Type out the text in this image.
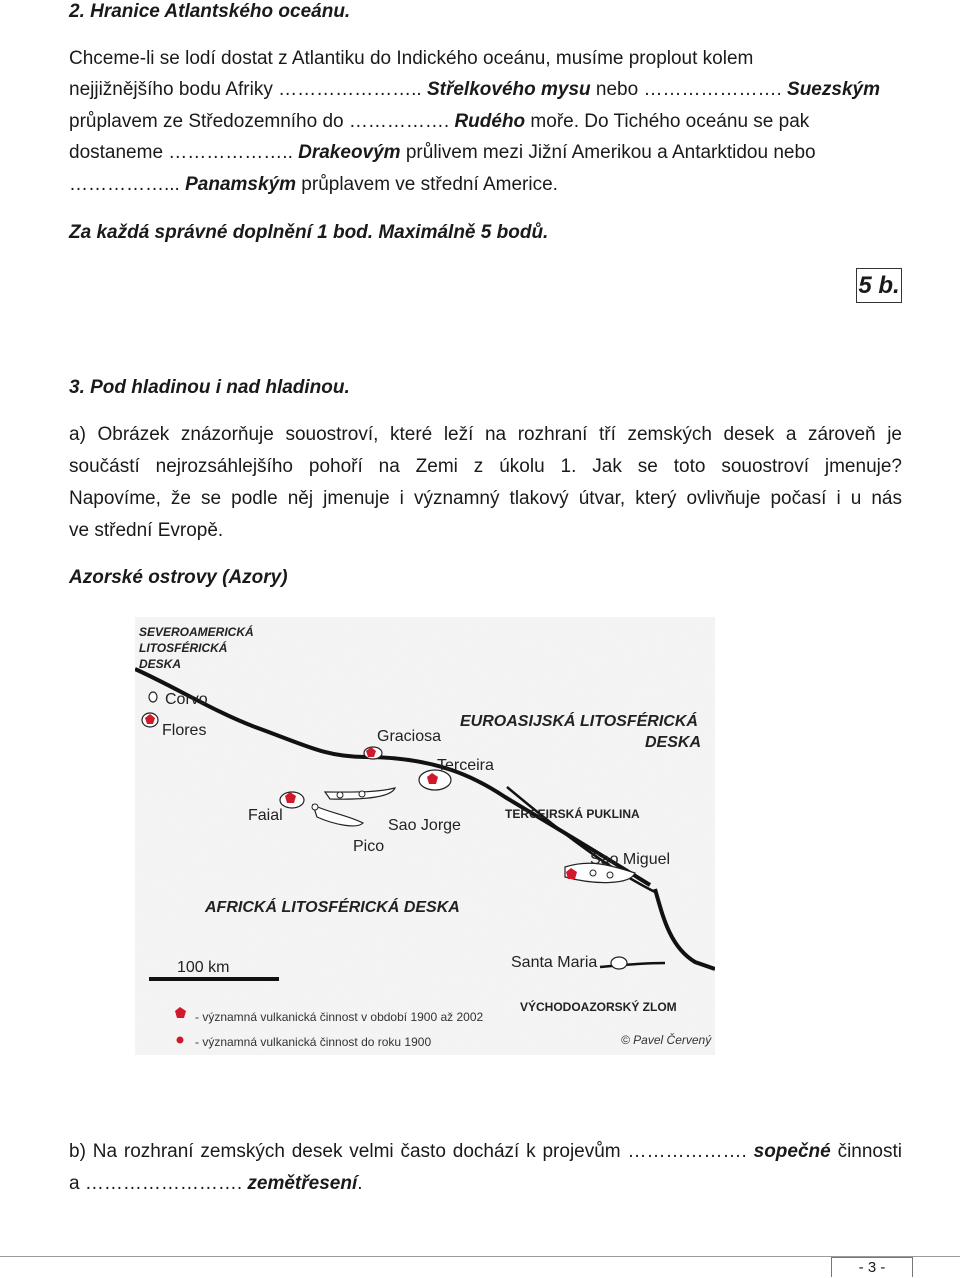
2. Hranice Atlantského oceánu.
Chceme-li se lodí dostat z Atlantiku do Indického oceánu, musíme proplout kolem
nejjižnějšího bodu Afriky ………………….. Střelkového mysu nebo …………………. Suezským
průplavem ze Středozemního do ……………. Rudého moře. Do Tichého oceánu se pak
dostaneme ……………….. Drakeovým průlivem mezi Jižní Amerikou a Antarktidou nebo
……………... Panamským průplavem ve střední Americe.
Za každá správné doplnění 1 bod. Maximálně 5 bodů.
5 b.
3. Pod hladinou i nad hladinou.
a) Obrázek znázorňuje souostroví, které leží na rozhraní tří zemských desek a zároveň je
součástí nejrozsáhlejšího pohoří na Zemi z úkolu 1. Jak se toto souostroví jmenuje?
Napovíme, že se podle něj jmenuje i významný tlakový útvar, který ovlivňuje počasí i u nás
ve střední Evropě.
Azorské ostrovy (Azory)
SEVEROAMERICKÁ
LITOSFÉRICKÁ
DESKA
EUROASIJSKÁ LITOSFÉRICKÁ
DESKA
AFRICKÁ LITOSFÉRICKÁ DESKA
TERCEIRSKÁ PUKLINA
VÝCHODOAZORSKÝ ZLOM
Corvo
Flores	Graciosa
Terceira
Faial
Pico
Sao Jorge
Sao Miguel
Santa Maria
100 km
- významná vulkanická činnost v období 1900 až 2002
- významná vulkanická činnost do roku 1900	© Pavel Červený
b) Na rozhraní zemských desek velmi často dochází k projevům ………………. sopečné činnosti
a ……………………. zemětřesení.
- 3 -
